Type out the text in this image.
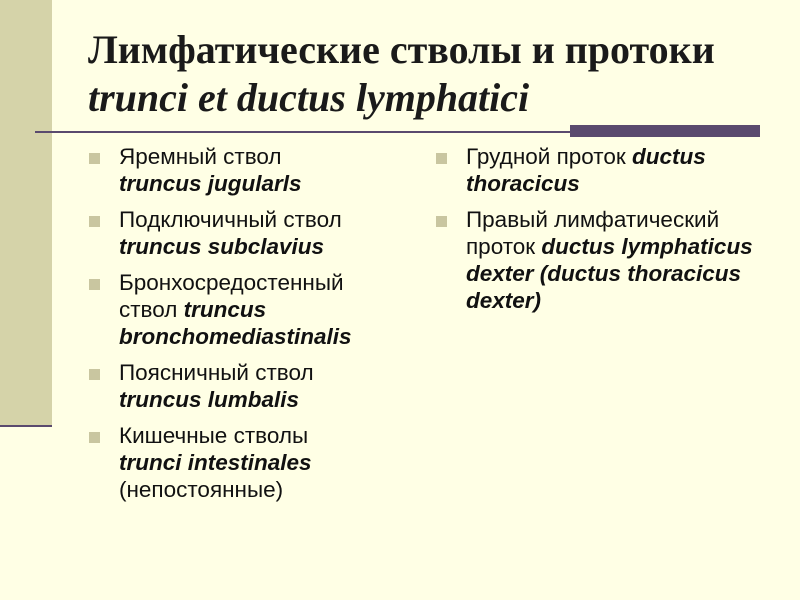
Лимфатические стволы и протоки
trunci et ductus lymphatici
Яремный ствол
truncus jugularls
Подключичный ствол
truncus subclavius
Бронхосредостенный ствол truncus bronchomediastinalis
Поясничный ствол
truncus lumbalis
Кишечные стволы
trunci intestinales
(непостоянные)
Грудной проток ductus thoracicus
Правый лимфатический проток ductus lymphaticus dexter (ductus thoracicus dexter)
